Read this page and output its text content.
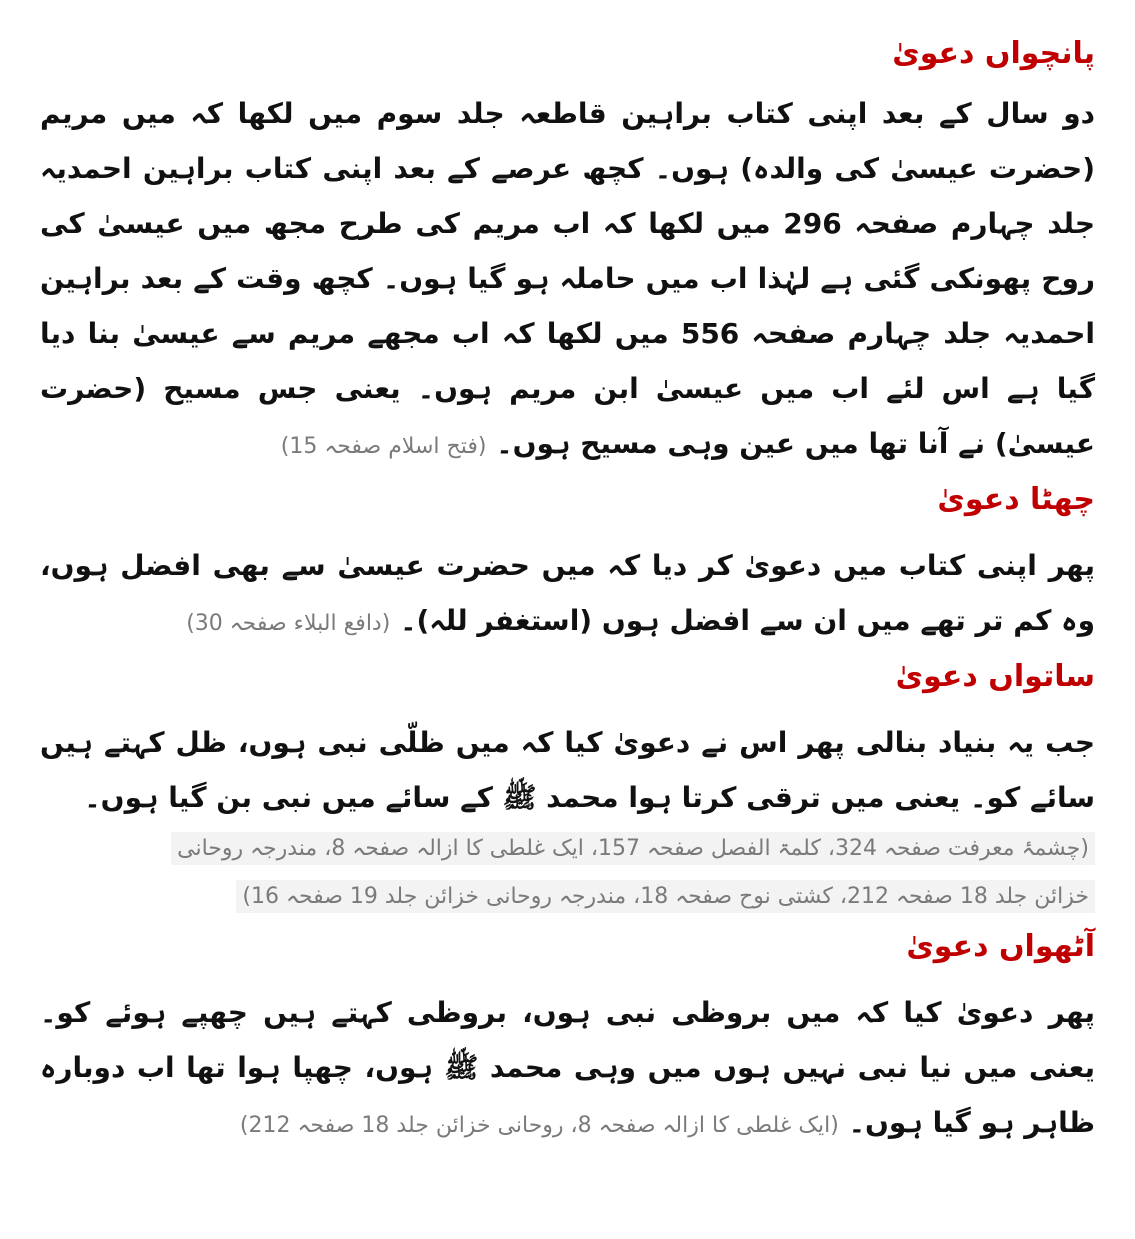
پانچواں دعویٰ

دو سال کے بعد اپنی کتاب براہین قاطعہ جلد سوم میں لکھا کہ میں مریم (حضرت عیسیٰ کی والدہ) ہوں۔ کچھ عرصے کے بعد اپنی کتاب براہین احمدیہ جلد چہارم صفحہ 296 میں لکھا کہ اب مریم کی طرح مجھ میں عیسیٰ کی روح پھونکی گئی ہے لہٰذا اب میں حاملہ ہو گیا ہوں۔ کچھ وقت کے بعد براہین احمدیہ جلد چہارم صفحہ 556 میں لکھا کہ اب مجھے مریم سے عیسیٰ بنا دیا گیا ہے اس لئے اب میں عیسیٰ ابن مریم ہوں۔ یعنی جس مسیح (حضرت عیسیٰ) نے آنا تھا میں عین وہی مسیح ہوں۔ (فتح اسلام صفحہ 15)

چھٹا دعویٰ

پھر اپنی کتاب میں دعویٰ کر دیا کہ میں حضرت عیسیٰ سے بھی افضل ہوں، وہ کم تر تھے میں ان سے افضل ہوں (استغفر للہ)۔ (دافع البلاء صفحہ 30)

ساتواں دعویٰ

جب یہ بنیاد بنالی پھر اس نے دعویٰ کیا کہ میں ظلّی نبی ہوں، ظل کہتے ہیں سائے کو۔ یعنی میں ترقی کرتا ہوا محمد ﷺ کے سائے میں نبی بن گیا ہوں۔

(چشمۂ معرفت صفحہ 324، کلمۃ الفصل صفحہ 157، ایک غلطی کا ازالہ صفحہ 8، مندرجہ روحانی

خزائن جلد 18 صفحہ 212، کشتی نوح صفحہ 18، مندرجہ روحانی خزائن جلد 19 صفحہ 16)

آٹھواں دعویٰ

پھر دعویٰ کیا کہ میں بروظی نبی ہوں، بروظی کہتے ہیں چھپے ہوئے کو۔ یعنی میں نیا نبی نہیں ہوں میں وہی محمد ﷺ ہوں، چھپا ہوا تھا اب دوبارہ ظاہر ہو گیا ہوں۔ (ایک غلطی کا ازالہ صفحہ 8، روحانی خزائن جلد 18 صفحہ 212)
